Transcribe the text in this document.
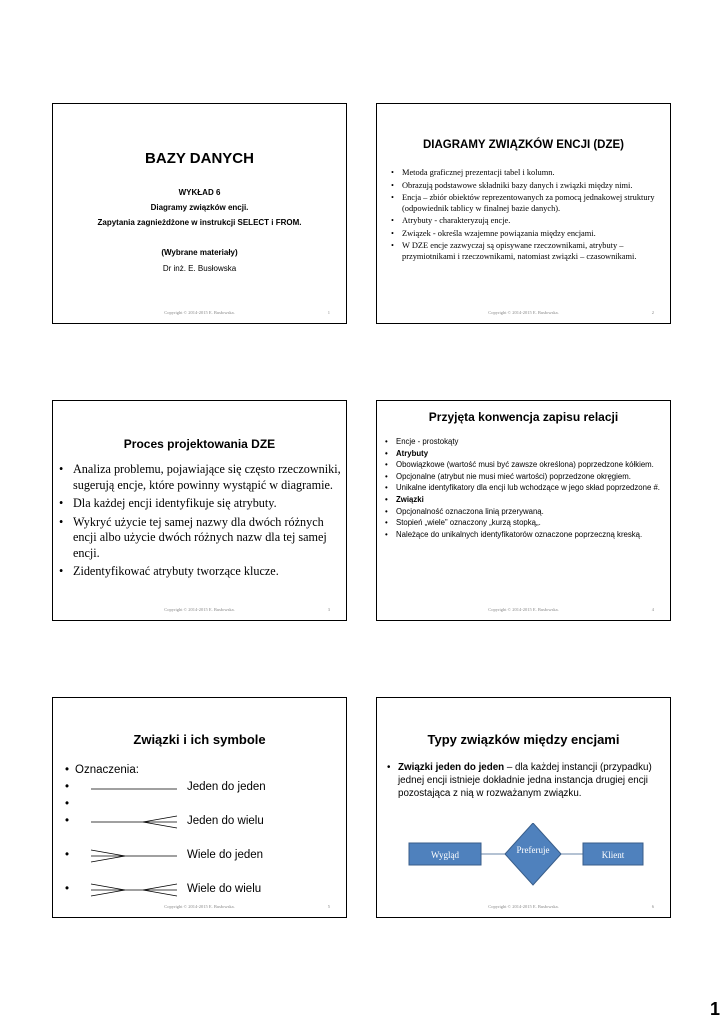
BAZY DANYCH
WYKŁAD 6
Diagramy związków encji.
Zapytania zagnieżdżone w instrukcji SELECT i FROM.
(Wybrane materiały)
Dr inż. E. Busłowska
Copyright © 2014-2015 E. Busłowska.	1
DIAGRAMY ZWIĄZKÓW ENCJI (DZE)
• Metoda graficznej prezentacji tabel i kolumn.
• Obrazują podstawowe składniki bazy danych i związki między nimi.
• Encja – zbiór obiektów reprezentowanych za pomocą jednakowej struktury (odpowiednik tablicy w finalnej bazie danych).
• Atrybuty - charakteryzują encje.
• Związek - określa wzajemne powiązania między encjami.
• W DZE encje zazwyczaj są opisywane rzeczownikami, atrybuty – przymiotnikami i rzeczownikami, natomiast związki – czasownikami.
Copyright © 2014-2015 E. Busłowska.	2
Proces projektowania DZE
• Analiza problemu, pojawiające się często rzeczowniki, sugerują encje, które powinny wystąpić w diagramie.
• Dla każdej encji identyfikuje się atrybuty.
• Wykryć użycie tej samej nazwy dla dwóch różnych encji albo użycie dwóch różnych nazw dla tej samej encji.
• Zidentyfikować atrybuty tworzące klucze.
Copyright © 2014-2015 E. Busłowska.	3
Przyjęta konwencja zapisu relacji
• Encje - prostokąty
• Atrybuty
• Obowiązkowe (wartość musi być zawsze określona) poprzedzone kółkiem.
• Opcjonalne (atrybut nie musi mieć wartości) poprzedzone okręgiem.
• Unikalne identyfikatory dla encji lub wchodzące w jego skład poprzedzone #.
• Związki
• Opcjonalność oznaczona linią przerywaną.
• Stopień „wiele” oznaczony „kurzą stopką„.
• Należące do unikalnych identyfikatorów oznaczone poprzeczną kreską.
Copyright © 2014-2015 E. Busłowska.	4
Związki i ich symbole
• Oznaczenia:
•	Jeden do jeden
•
•	Jeden do wielu
•	Wiele do jeden
•	Wiele do wielu
Copyright © 2014-2015 E. Busłowska.	5
Typy związków między encjami
• Związki jeden do jeden – dla każdej instancji (przypadku) jednej encji istnieje dokładnie jedna instancja drugiej encji pozostająca z nią w rozważanym związku.
Wygląd	Preferuje	Klient
Copyright © 2014-2015 E. Busłowska.	6
1
